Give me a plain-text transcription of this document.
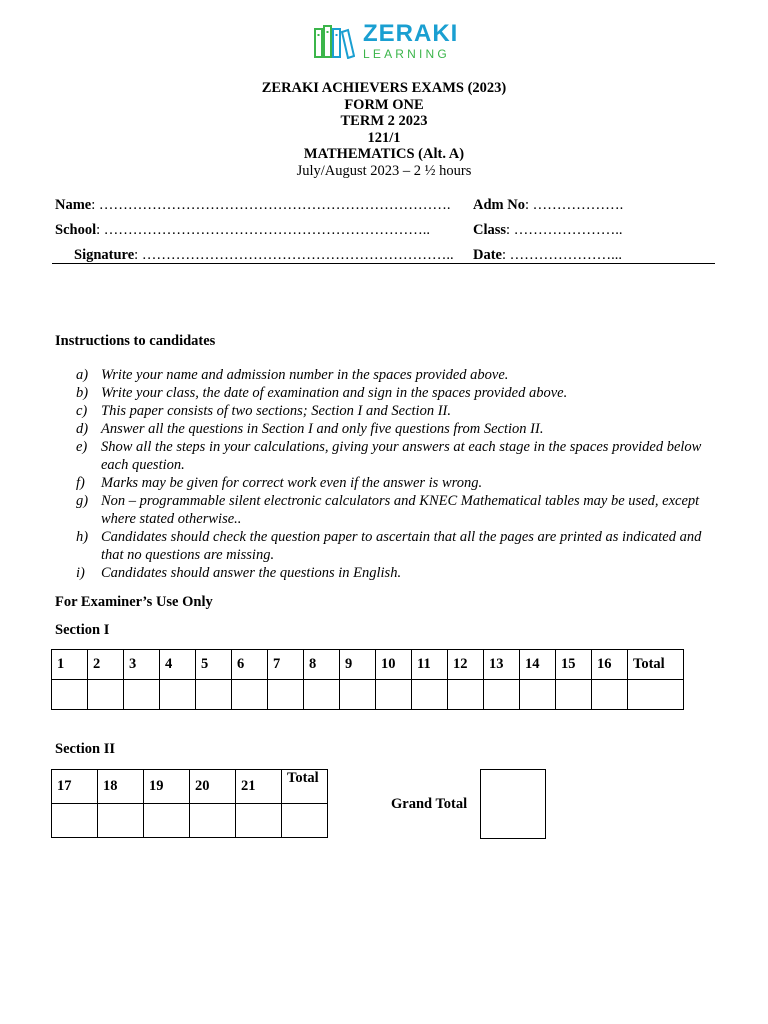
ZERAKI
LEARNING
ZERAKI ACHIEVERS EXAMS (2023)
FORM ONE
TERM 2 2023
121/1
MATHEMATICS (Alt. A)
July/August 2023 – 2 ½ hours
Name: ………………………………………………………………. Adm No: ……………….
School: …………………………………………………………..	Class: …………………..
Signature: ……………………………………………………….. Date: …………………...
Instructions to candidates
a) Write your name and admission number in the spaces provided above.
b) Write your class, the date of examination and sign in the spaces provided above.
c) This paper consists of two sections; Section I and Section II.
d) Answer all the questions in Section I and only five questions from Section II.
e) Show all the steps in your calculations, giving your answers at each stage in the spaces provided below each question.
f) Marks may be given for correct work even if the answer is wrong.
g) Non – programmable silent electronic calculators and KNEC Mathematical tables may be used, except where stated otherwise..
h) Candidates should check the question paper to ascertain that all the pages are printed as indicated and that no questions are missing.
i) Candidates should answer the questions in English.
For Examiner’s Use Only
Section I
1	2	3	4	5	6	7	8	9	10	11	12	13	14	15	16	Total

Section II
17	18	19	20	21	Total

Grand Total
